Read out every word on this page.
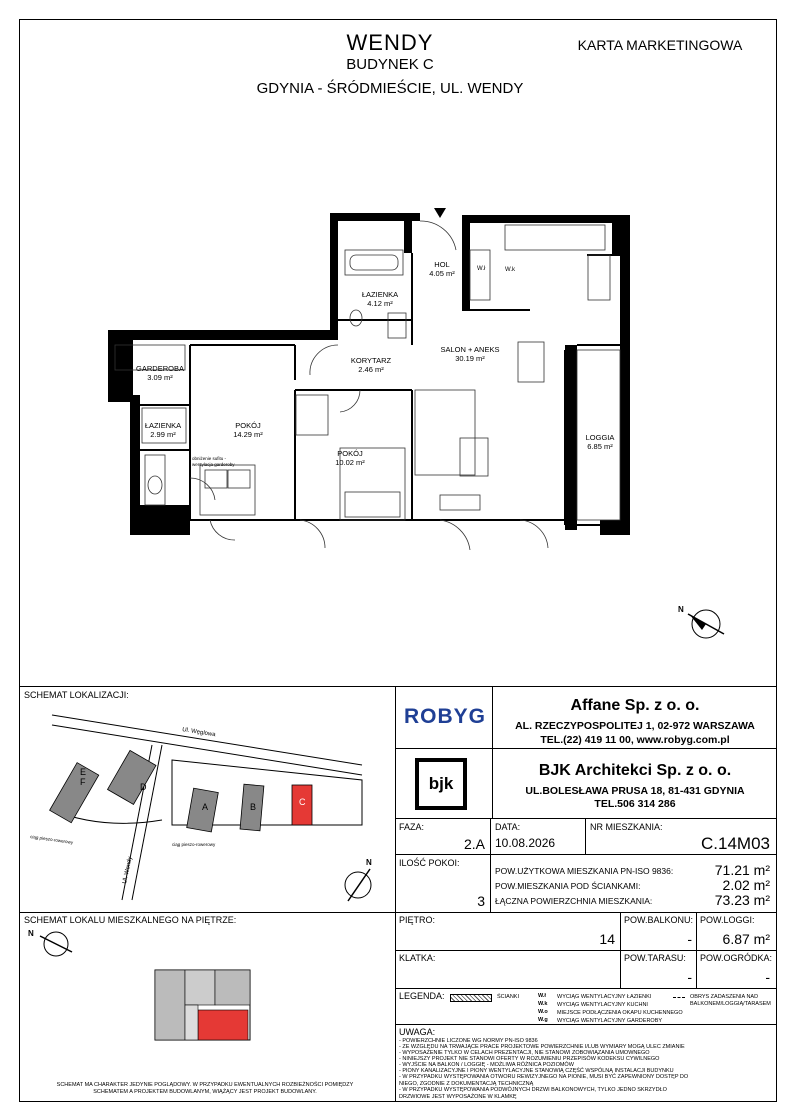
WENDY
BUDYNEK C
GDYNIA - ŚRÓDMIEŚCIE, UL. WENDY
KARTA MARKETINGOWA
W.k
W.ł
HOL
4.05 m²
ŁAZIENKA
4.12 m²
SALON + ANEKS
30.19 m²
KORYTARZ
2.46 m²
GARDEROBA
3.09 m²
ŁAZIENKA
2.99 m²
POKÓJ
14.29 m²
POKÓJ
10.02 m²
LOGGIA
6.85 m²
obniżenie sufitu - wentylacja garderoby
N
SCHEMAT LOKALIZACJI:
F
E
D
A	B	C
Ul. Węglowa
Ul. Wendy
ciąg pieszo-rowerowy	ciąg pieszo-rowerowy
N
SCHEMAT LOKALU MIESZKALNEGO NA PIĘTRZE:
N
SCHEMAT MA CHARAKTER JEDYNIE POGLĄDOWY. W PRZYPADKU EWENTUALNYCH ROZBIEŻNOŚCI POMIĘDZY SCHEMATEM A PROJEKTEM BUDOWLANYM, WIĄŻĄCY JEST PROJEKT BUDOWLANY.
ROBYG	Affane Sp. z o. o.
AL. RZECZYPOSPOLITEJ 1, 02-972 WARSZAWA
TEL.(22) 419 11 00, www.robyg.com.pl
bjk
BJK Architekci Sp. z o. o.
UL.BOLESŁAWA PRUSA 18, 81-431 GDYNIA
TEL.506 314 286
FAZA:
2.A
DATA:
10.08.2026
NR MIESZKANIA:
C.14M03
ILOŚĆ POKOI:
3
POW.UŻYTKOWA MIESZKANIA PN-ISO 9836:	71.21 m²
POW.MIESZKANIA POD ŚCIANKAMI:	2.02 m²
ŁĄCZNA POWIERZCHNIA MIESZKANIA:	73.23 m²
PIĘTRO:
14
POW.BALKONU:
-
POW.LOGGI:
6.87 m²
KLATKA:	POW.TARASU:
-
POW.OGRÓDKA:
-
LEGENDA:	ŚCIANKI	W.ł WYCIĄG WENTYLACYJNY ŁAZIENKI
W.k WYCIĄG WENTYLACYJNY KUCHNI
W.o MIEJSCE PODŁĄCZENIA OKAPU KUCHENNEGO
W.g WYCIĄG WENTYLACYJNY GARDEROBY
OBRYS ZADASZENIA NAD BALKONEM/LOGGIĄ/TARASEM
UWAGA:
- POWIERZCHNIE LICZONE WG NORMY PN-ISO 9836
- ZE WZGLĘDU NA TRWAJĄCE PRACE PROJEKTOWE POWIERZCHNIE I/LUB WYMIARY MOGĄ ULEC ZMIANIE
- WYPOSAŻENIE TYLKO W CELACH PREZENTACJI, NIE STANOWI ZOBOWIĄZANIA UMOWNEGO
- NINIEJSZY PROJEKT NIE STANOWI OFERTY W ROZUMIENIU PRZEPISÓW KODEKSU CYWILNEGO
- WYJŚCIE NA BALKON / LOGGIĘ - MOŻLIWA RÓŻNICA POZIOMÓW
- PIONY KANALIZACYJNE I PIONY WENTYLACYJNE STANOWIĄ CZĘŚĆ WSPÓLNĄ INSTALACJI BUDYNKU
- W PRZYPADKU WYSTĘPOWANIA OTWORU REWIZYJNEGO NA PIONIE, MUSI BYĆ ZAPEWNIONY DOSTĘP DO NIEGO, ZGODNIE Z DOKUMENTACJĄ TECHNICZNĄ
- W PRZYPADKU WYSTĘPOWANIA PODWÓJNYCH DRZWI BALKONOWYCH, TYLKO JEDNO SKRZYDŁO DRZWIOWE JEST WYPOSAŻONE W KLAMKĘ
